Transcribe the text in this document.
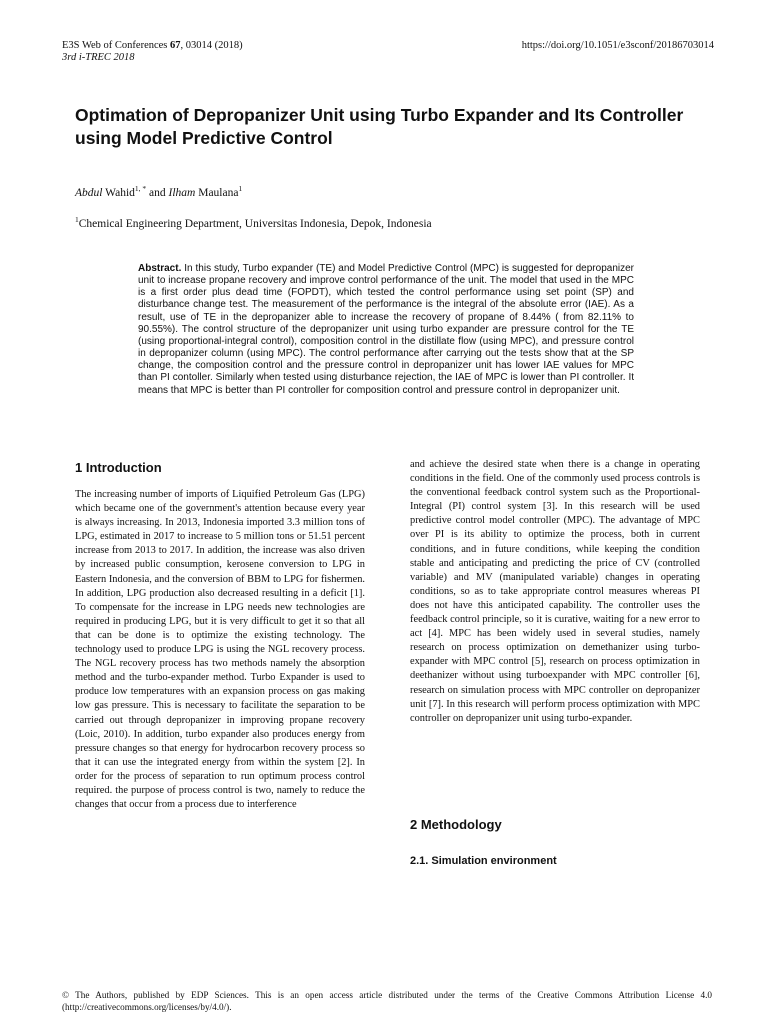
E3S Web of Conferences 67, 03014 (2018)
3rd i-TREC 2018
https://doi.org/10.1051/e3sconf/20186703014
Optimation of Depropanizer Unit using Turbo Expander and Its Controller using Model Predictive Control
Abdul Wahid$^{1, *}$ and Ilham Maulana$^1$
$^1$Chemical Engineering Department, Universitas Indonesia, Depok, Indonesia

Abstract. In this study, Turbo expander (TE) and Model Predictive Control (MPC) is suggested for depropanizer unit to increase propane recovery and improve control performance of the unit. The model that used in the MPC is a first order plus dead time (FOPDT), which tested the control performance using set point (SP) and disturbance change test. The measurement of the performance is the integral of the absolute error (IAE). As a result, use of TE in the depropanizer able to increase the recovery of propane of 8.44% ( from 82.11% to 90.55%). The control structure of the depropanizer unit using turbo expander are pressure control for the TE (using proportional-integral control), composition control in the distillate flow (using MPC), and pressure control in depropanizer column (using MPC). The control performance after carrying out the tests show that at the SP change, the composition control and the pressure control in depropanizer unit has lower IAE values for MPC than PI contoller. Similarly when tested using disturbance rejection, the IAE of MPC is lower than PI controller. It means that MPC is better than PI controller for composition control and pressure control in depropanizer unit.

1 Introduction

The increasing number of imports of Liquified Petroleum Gas (LPG) which became one of the government's attention because every year is always increasing. In 2013, Indonesia imported 3.3 million tons of LPG, estimated in 2017 to increase to 5 million tons or 51.51 percent increase from 2013 to 2017. In addition, the increase was also driven by increased public consumption, kerosene conversion to LPG in Eastern Indonesia, and the conversion of BBM to LPG for fishermen. In addition, LPG production also decreased resulting in a deficit [1]. To compensate for the increase in LPG needs new technologies are required in producing LPG, but it is very difficult to get it so that all that can be done is to optimize the existing technology. The technology used to produce LPG is using the NGL recovery process. The NGL recovery process has two methods namely the absorption method and the turbo-expander method. Turbo Expander is used to produce low temperatures with an expansion process on gas making low gas pressure. This is necessary to facilitate the separation to be carried out through depropanizer in improving propane recovery (Loic, 2010). In addition, turbo expander also produces energy from pressure changes so that energy for hydrocarbon recovery process so that it can use the integrated energy from within the system [2]. In order for the process of separation to run optimum process control required. the purpose of process control is two, namely to reduce the changes that occur from a process due to interference

and achieve the desired state when there is a change in operating conditions in the field. One of the commonly used process controls is the conventional feedback control system such as the Proportional-Integral (PI) control system [3]. In this research will be used predictive control model controller (MPC). The advantage of MPC over PI is its ability to optimize the process, both in current conditions, and in future conditions, while keeping the condition stable and anticipating and predicting the price of CV (controlled variable) and MV (manipulated variable) changes in operating conditions, so as to take appropriate control measures whereas PI does not have this anticipated capability. The controller uses the feedback control principle, so it is curative, waiting for a new error to act [4]. MPC has been widely used in several studies, namely research on process optimization on demethanizer using turbo-expander with MPC control [5], research on process optimization in deethanizer without using turboexpander with MPC controller [6], research on simulation process with MPC controller on depropanizer unit [7]. In this research will perform process optimization with MPC controller on depropanizer unit using turbo-expander.

2 Methodology
2.1. Simulation environment

© The Authors, published by EDP Sciences. This is an open access article distributed under the terms of the Creative Commons Attribution License 4.0 (http://creativecommons.org/licenses/by/4.0/).
